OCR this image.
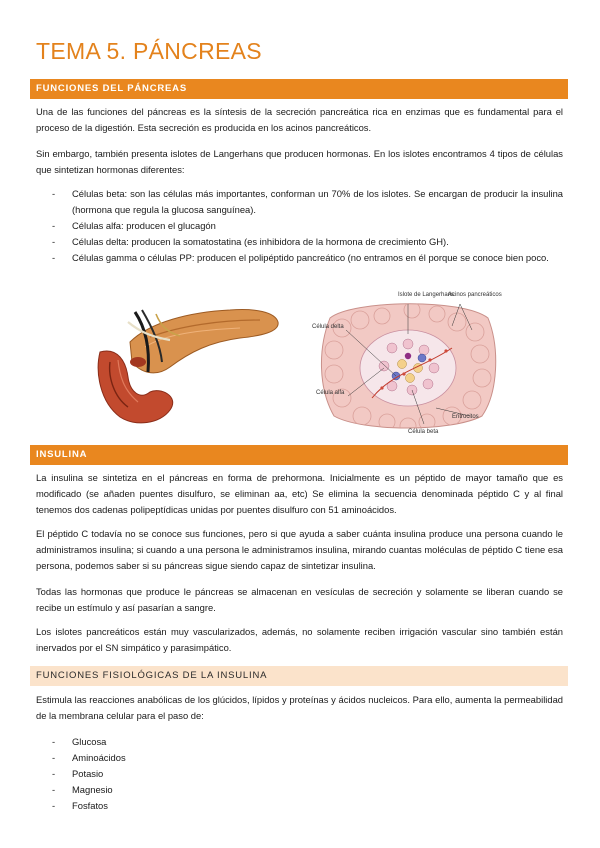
TEMA 5. PÁNCREAS
FUNCIONES DEL PÁNCREAS

Una de las funciones del páncreas es la síntesis de la secreción pancreática rica en enzimas que es fundamental para el proceso de la digestión. Esta secreción es producida en los acinos pancreáticos.

Sin embargo, también presenta islotes de Langerhans que producen hormonas. En los islotes encontramos 4 tipos de células que sintetizan hormonas diferentes:

- Células beta: son las células más importantes, conforman un 70% de los islotes. Se encargan de producir la insulina (hormona que regula la glucosa sanguínea).
- Células alfa: producen el glucagón
- Células delta: producen la somatostatina (es inhibidora de la hormona de crecimiento GH).
- Células gamma o células PP: producen el polipéptido pancreático (no entramos en él porque se conoce bien poco.
Islote de Langerhans
Acinos pancreáticos
Célula delta
Célula alfa
Eritrocitos
Célula beta
INSULINA

La insulina se sintetiza en el páncreas en forma de prehormona. Inicialmente es un péptido de mayor tamaño que es modificado (se añaden puentes disulfuro, se eliminan aa, etc) Se elimina la secuencia denominada péptido C y al final tenemos dos cadenas polipeptídicas unidas por puentes disulfuro con 51 aminoácidos.

El péptido C todavía no se conoce sus funciones, pero si que ayuda a saber cuánta insulina produce una persona cuando le administramos insulina; si cuando a una persona le administramos insulina, mirando cuantas moléculas de péptido C tiene esa persona, podemos saber si su páncreas sigue siendo capaz de sintetizar insulina.

Todas las hormonas que produce le páncreas se almacenan en vesículas de secreción y solamente se liberan cuando se recibe un estímulo y así pasarían a sangre.

Los islotes pancreáticos están muy vascularizados, además, no solamente reciben irrigación vascular sino también están inervados por el SN simpático y parasimpático.

FUNCIONES FISIOLÓGICAS DE LA INSULINA

Estimula las reacciones anabólicas de los glúcidos, lípidos y proteínas y ácidos nucleicos. Para ello, aumenta la permeabilidad de la membrana celular para el paso de:

- Glucosa
- Aminoácidos
- Potasio
- Magnesio
- Fosfatos
